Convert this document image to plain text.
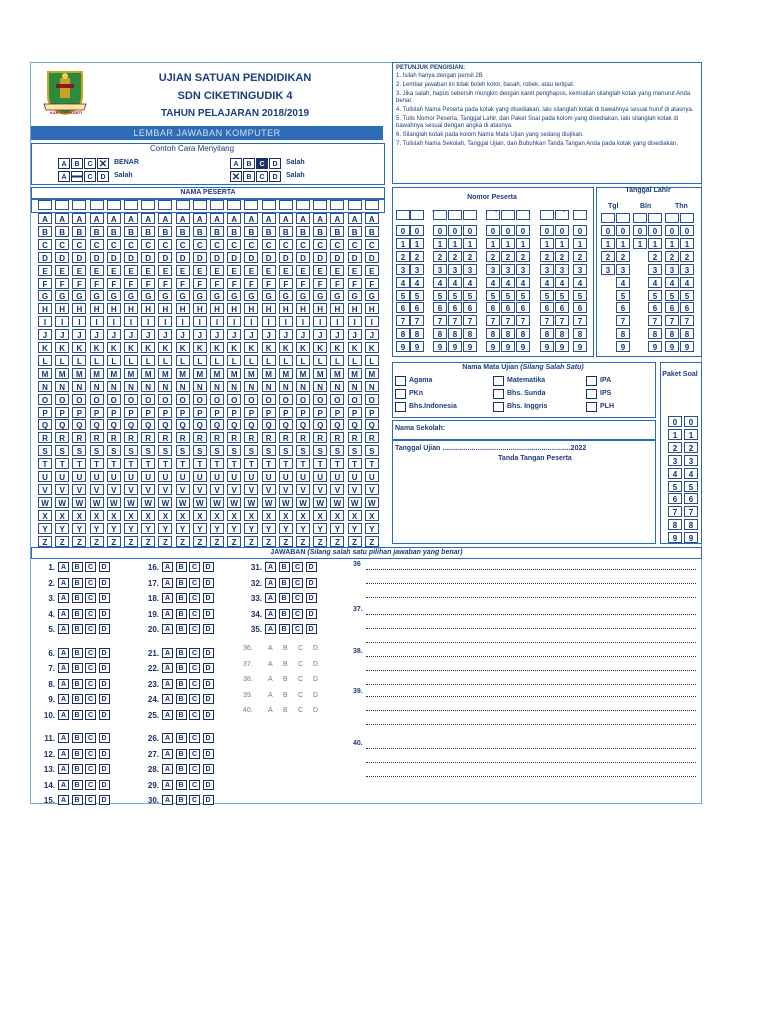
KARYA PAKARTI
UJIAN SATUAN PENDIDIKAN
SDN CIKETINGUDIK 4
TAHUN PELAJARAN 2018/2019
LEMBAR JAWABAN KOMPUTER
Contoh Cara Menyilang
PETUNJUK PENGISIAN:
1. Isilah hanya dengan pensil 2B
2. Lembar jawaban ini tidak boleh kotor, basah, robek, atau terlipat.
3. Jika salah, hapus sebersih mungkin dengan karet penghapus, kemudian silanglah kotak yang menurut Anda benar.
4. Tulislah Nama Peserta pada kotak yang disediakan, lalu silanglah kotak di bawahnya sesuai huruf di atasnya.
5. Tulis Nomor Peserta, Tanggal Lahir, dan Paket Soal pada kolom yang disediakan, lalu silanglah kotak di bawahnya sesuai dengan angka di atasnya.
6. Silanglah kotak pada kolom Nama Mata Ujian yang sedang diujikan.
7. Tulislah Nama Sekolah, Tanggal Ujian, dan Bubuhkan Tanda Tangan Anda pada kotak yang disediakan.
NAMA PESERTA
Nomor Peserta
Tanggal Lahir
Tgl	Bln	Thn
Nama Mata Ujian (Silang Salah Satu)
Paket Soal
Nama Sekolah:
Tanggal Ujian ..................................................................2022
Tanda Tangan Peserta
JAWABAN (Silang salah satu pilihan jawaban yang benar)
A	B	C ✕ BENAR	A	B	C	D	Salah
A	C	D	Salah	✕ B	C	D	Salah
A	A	A	A	A	A	A	A	A	A	A	A	A	A	A	A	A	A	A	A
B	B	B	B	B	B	B	B	B	B	B	B	B	B	B	B	B	B	B	B
C	C	C	C	C	C	C	C	C	C	C	C	C	C	C	C	C	C	C	C
D	D	D	D	D	D	D	D	D	D	D	D	D	D	D	D	D	D	D	D
E	E	E	E	E	E	E	E	E	E	E	E	E	E	E	E	E	E	E	E
F	F	F	F	F	F	F	F	F	F	F	F	F	F	F	F	F	F	F	F
G	G	G	G	G	G	G	G	G	G	G	G	G	G	G	G	G	G	G	G
H	H	H	H	H	H	H	H	H	H	H	H	H	H	H	H	H	H	H	H
I	I	I	I	I	I	I	I	I	I	I	I	I	I	I	I	I	I	I	I
J	J	J	J	J	J	J	J	J	J	J	J	J	J	J	J	J	J	J	J
K	K	K	K	K	K	K	K	K	K	K	K	K	K	K	K	K	K	K	K
L	L	L	L	L	L	L	L	L	L	L	L	L	L	L	L	L	L	L	L
M	M	M	M	M	M	M	M	M	M	M	M	M	M	M	M	M	M	M	M
N	N	N	N	N	N	N	N	N	N	N	N	N	N	N	N	N	N	N	N
O	O	O	O	O	O	O	O	O	O	O	O	O	O	O	O	O	O	O	O
P	P	P	P	P	P	P	P	P	P	P	P	P	P	P	P	P	P	P	P
Q	Q	Q	Q	Q	Q	Q	Q	Q	Q	Q	Q	Q	Q	Q	Q	Q	Q	Q	Q
R	R	R	R	R	R	R	R	R	R	R	R	R	R	R	R	R	R	R	R
S	S	S	S	S	S	S	S	S	S	S	S	S	S	S	S	S	S	S	S
T	T	T	T	T	T	T	T	T	T	T	T	T	T	T	T	T	T	T	T
U	U	U	U	U	U	U	U	U	U	U	U	U	U	U	U	U	U	U	U
V	V	V	V	V	V	V	V	V	V	V	V	V	V	V	V	V	V	V	V
W	W	W	W	W	W	W	W	W	W	W	W	W	W	W	W	W	W	W	W
X	X	X	X	X	X	X	X	X	X	X	X	X	X	X	X	X	X	X	X
Y	Y	Y	Y	Y	Y	Y	Y	Y	Y	Y	Y	Y	Y	Y	Y	Y	Y	Y	Y
Z	Z	Z	Z	Z	Z	Z	Z	Z	Z	Z	Z	Z	Z	Z	Z	Z	Z	Z	Z
-	-	-
0	0	0	0	0	0	0	0	0	0	0
1	1	1	1	1	1	1	1	1	1	1
2	2	2	2	2	2	2	2	2	2	2
3	3	3	3	3	3	3	3	3	3	3
4	4	4	4	4	4	4	4	4	4	4
5	5	5	5	5	5	5	5	5	5	5
6	6	6	6	6	6	6	6	6	6	6
7	7	7	7	7	7	7	7	7	7	7
8	8	8	8	8	8	8	8	8	8	8
9	9	9	9	9	9	9	9	9	9	9
0	0	0	0	0	0
1	1	1	1	1	1
2	2	2	2	2
3	3	3	3	3
4	4	4	4
5	5	5	5
6	6	6	6
7	7	7	7
8	8	8	8
9	9	9	9
Agama	Matematika	IPA
PKn	Bhs. Sunda	IPS
Bhs.Indonesia	Bhs. Inggris	PLH
0	0
1	1
2	2
3	3
4	4
5	5
6	6
7	7
8	8
9	9
1. A	B	C	D
2. A	B	C	D
3. A	B	C	D
4. A	B	C	D
5. A	B	C	D
6. A	B	C	D
7. A	B	C	D
8. A	B	C	D
9. A	B	C	D
10. A	B	C	D
11. A	B	C	D
12. A	B	C	D
13. A	B	C	D
14. A	B	C	D
15. A	B	C	D
16. A	B	C	D
17. A	B	C	D
18. A	B	C	D
19. A	B	C	D
20. A	B	C	D
21. A	B	C	D
22. A	B	C	D
23. A	B	C	D
24. A	B	C	D
25. A	B	C	D
26. A	B	C	D
27. A	B	C	D
28. A	B	C	D
29. A	B	C	D
30. A	B	C	D
31. A	B	C	D
32. A	B	C	D
33. A	B	C	D
34. A	B	C	D
35. A	B	C	D
36. A B C D
37. A B C D
38. A B C D
39. A B C D
40. A B C D
36
37.
38.
39.
40.
